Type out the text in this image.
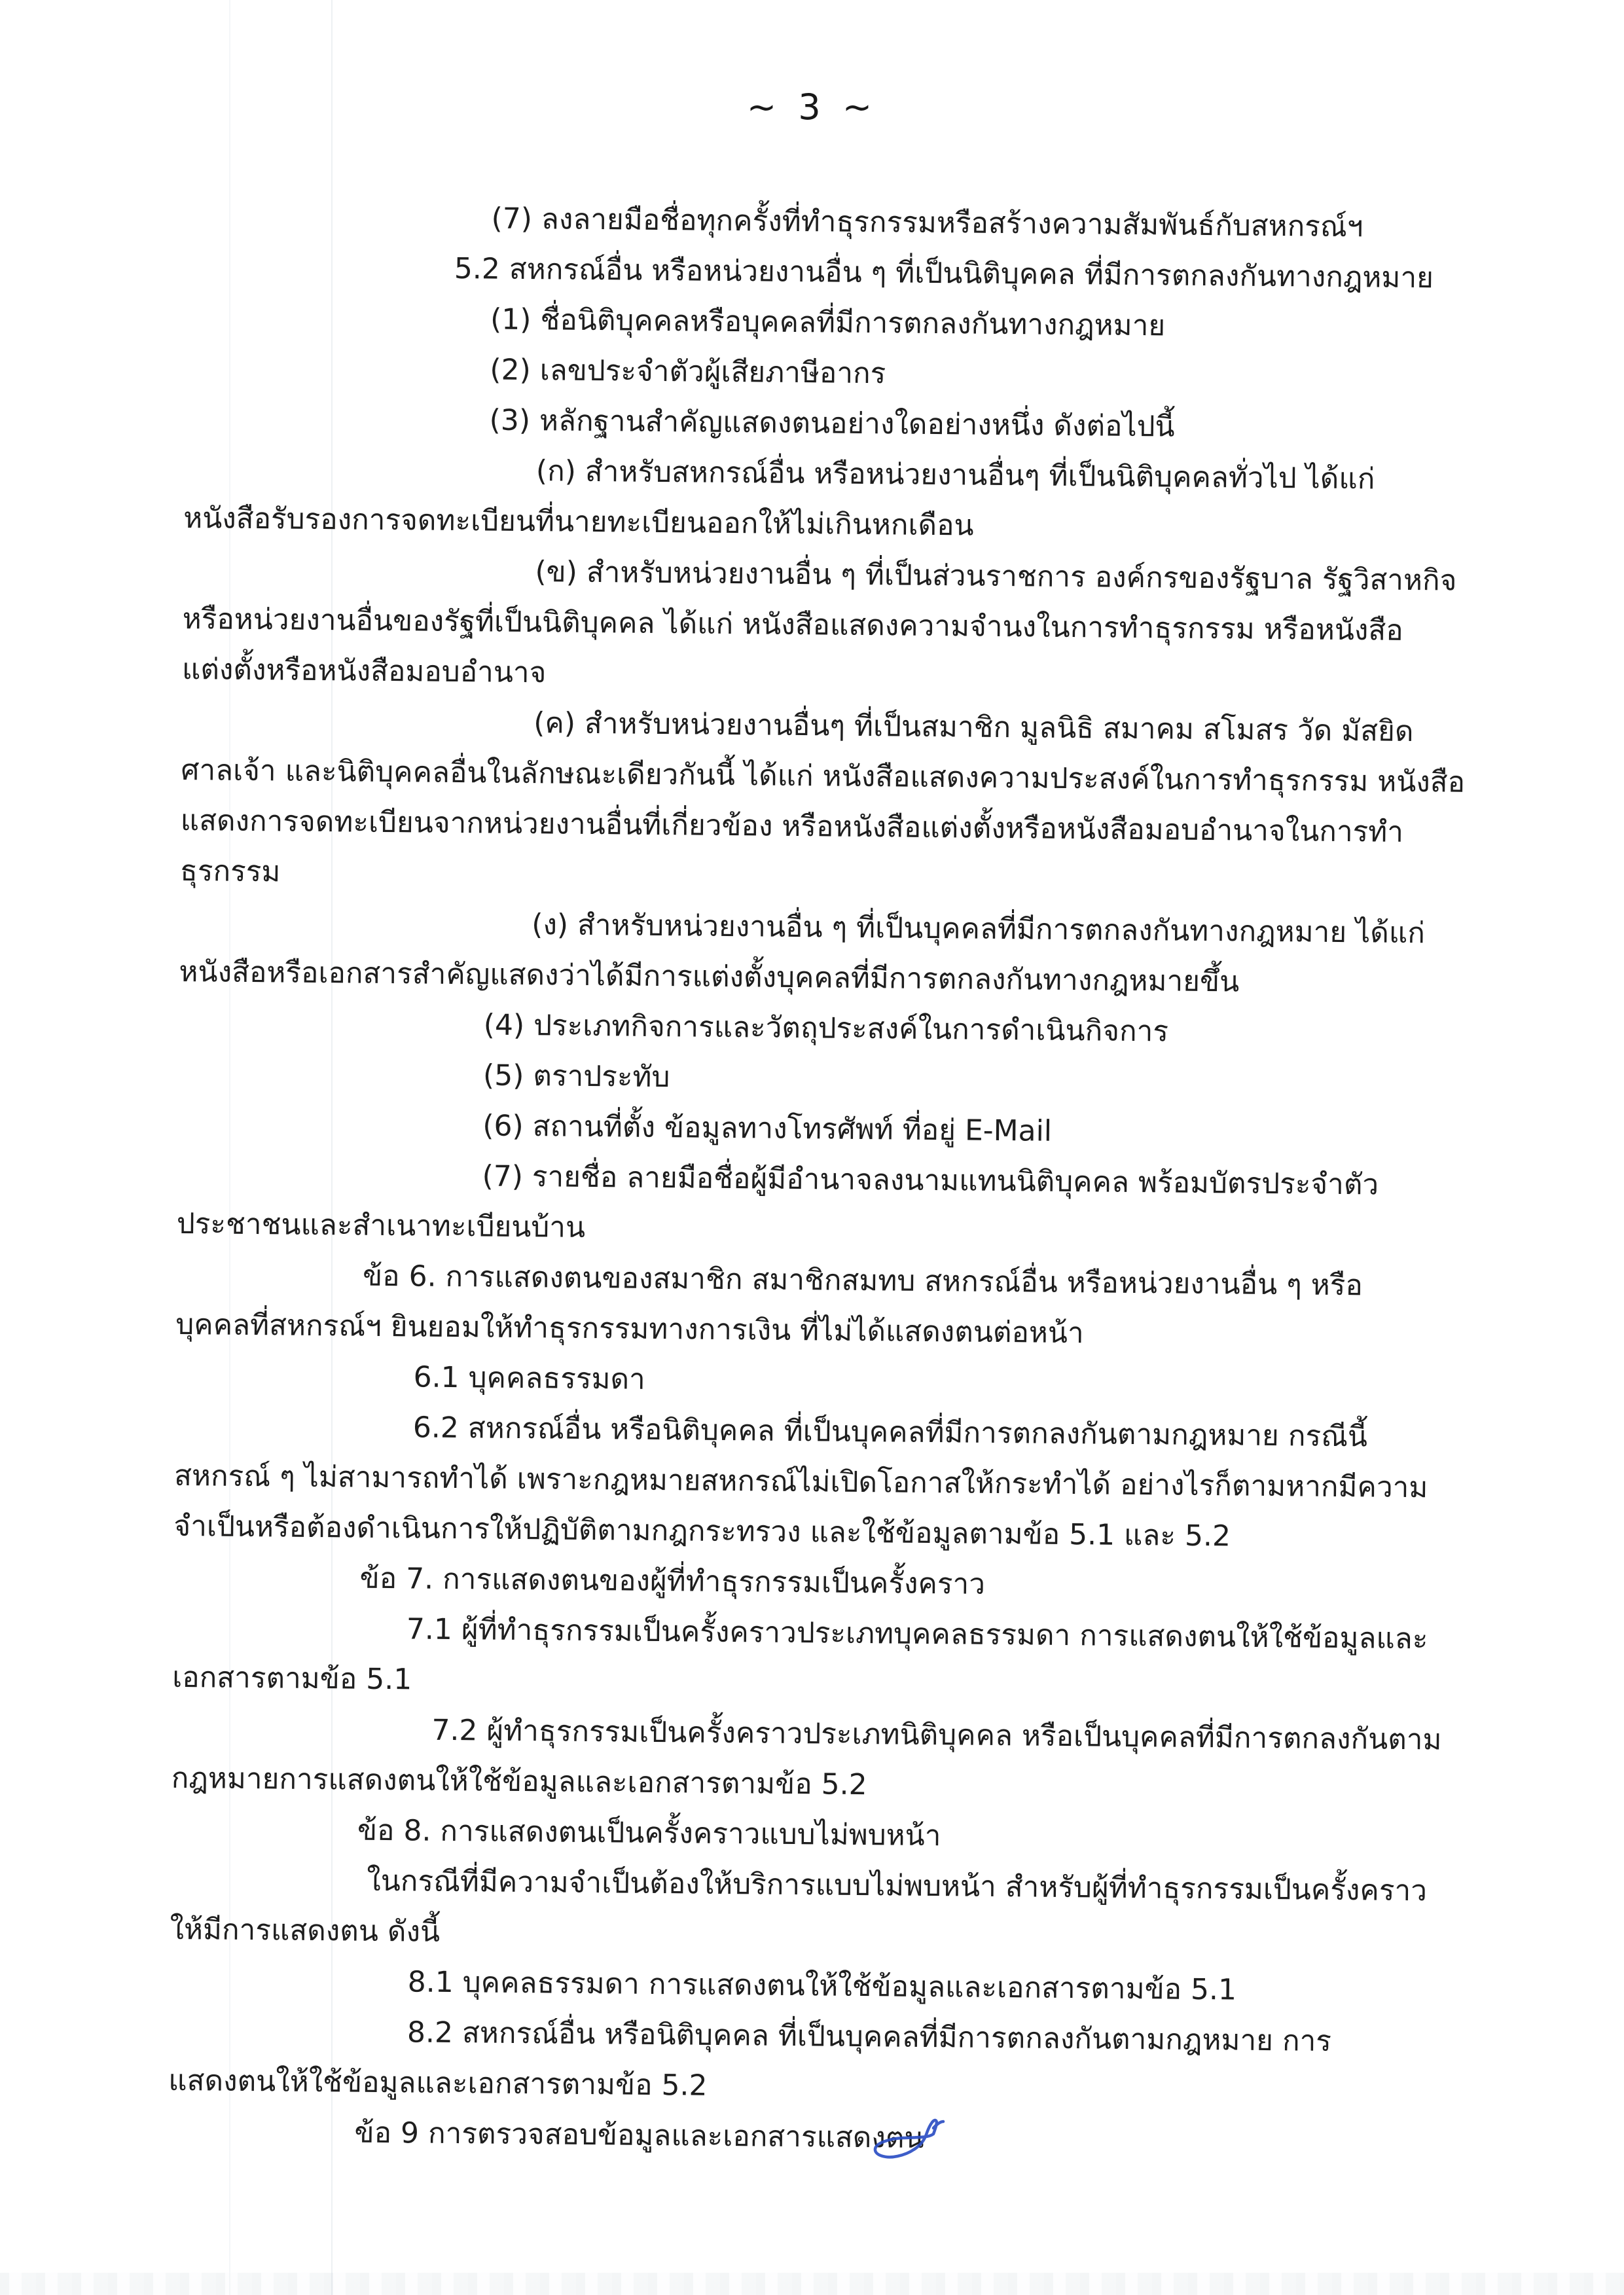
~ 3 ~
(7) ลงลายมือชื่อทุกครั้งที่ทำธุรกรรมหรือสร้างความสัมพันธ์กับสหกรณ์ฯ
5.2 สหกรณ์อื่น หรือหน่วยงานอื่น ๆ ที่เป็นนิติบุคคล ที่มีการตกลงกันทางกฎหมาย
(1) ชื่อนิติบุคคลหรือบุคคลที่มีการตกลงกันทางกฎหมาย
(2) เลขประจำตัวผู้เสียภาษีอากร
(3) หลักฐานสำคัญแสดงตนอย่างใดอย่างหนึ่ง ดังต่อไปนี้
(ก) สำหรับสหกรณ์อื่น หรือหน่วยงานอื่นๆ ที่เป็นนิติบุคคลทั่วไป ได้แก่
หนังสือรับรองการจดทะเบียนที่นายทะเบียนออกให้ไม่เกินหกเดือน
(ข) สำหรับหน่วยงานอื่น ๆ ที่เป็นส่วนราชการ องค์กรของรัฐบาล รัฐวิสาหกิจ
หรือหน่วยงานอื่นของรัฐที่เป็นนิติบุคคล ได้แก่ หนังสือแสดงความจำนงในการทำธุรกรรม หรือหนังสือ
แต่งตั้งหรือหนังสือมอบอำนาจ
(ค) สำหรับหน่วยงานอื่นๆ ที่เป็นสมาชิก มูลนิธิ สมาคม สโมสร วัด มัสยิด
ศาลเจ้า และนิติบุคคลอื่นในลักษณะเดียวกันนี้ ได้แก่ หนังสือแสดงความประสงค์ในการทำธุรกรรม หนังสือ
แสดงการจดทะเบียนจากหน่วยงานอื่นที่เกี่ยวข้อง หรือหนังสือแต่งตั้งหรือหนังสือมอบอำนาจในการทำ
ธุรกรรม
(ง) สำหรับหน่วยงานอื่น ๆ ที่เป็นบุคคลที่มีการตกลงกันทางกฎหมาย ได้แก่
หนังสือหรือเอกสารสำคัญแสดงว่าได้มีการแต่งตั้งบุคคลที่มีการตกลงกันทางกฎหมายขึ้น
(4) ประเภทกิจการและวัตถุประสงค์ในการดำเนินกิจการ
(5) ตราประทับ
(6) สถานที่ตั้ง ข้อมูลทางโทรศัพท์ ที่อยู่ E-Mail
(7) รายชื่อ ลายมือชื่อผู้มีอำนาจลงนามแทนนิติบุคคล พร้อมบัตรประจำตัว
ประชาชนและสำเนาทะเบียนบ้าน
ข้อ 6. การแสดงตนของสมาชิก สมาชิกสมทบ สหกรณ์อื่น หรือหน่วยงานอื่น ๆ หรือ
บุคคลที่สหกรณ์ฯ ยินยอมให้ทำธุรกรรมทางการเงิน ที่ไม่ได้แสดงตนต่อหน้า
6.1 บุคคลธรรมดา
6.2 สหกรณ์อื่น หรือนิติบุคคล ที่เป็นบุคคลที่มีการตกลงกันตามกฎหมาย กรณีนี้
สหกรณ์ ๆ ไม่สามารถทำได้ เพราะกฎหมายสหกรณ์ไม่เปิดโอกาสให้กระทำได้ อย่างไรก็ตามหากมีความ
จำเป็นหรือต้องดำเนินการให้ปฏิบัติตามกฎกระทรวง และใช้ข้อมูลตามข้อ 5.1 และ 5.2
ข้อ 7. การแสดงตนของผู้ที่ทำธุรกรรมเป็นครั้งคราว
7.1 ผู้ที่ทำธุรกรรมเป็นครั้งคราวประเภทบุคคลธรรมดา การแสดงตนให้ใช้ข้อมูลและ
เอกสารตามข้อ 5.1
7.2 ผู้ทำธุรกรรมเป็นครั้งคราวประเภทนิติบุคคล หรือเป็นบุคคลที่มีการตกลงกันตาม
กฎหมายการแสดงตนให้ใช้ข้อมูลและเอกสารตามข้อ 5.2
ข้อ 8. การแสดงตนเป็นครั้งคราวแบบไม่พบหน้า
ในกรณีที่มีความจำเป็นต้องให้บริการแบบไม่พบหน้า สำหรับผู้ที่ทำธุรกรรมเป็นครั้งคราว
ให้มีการแสดงตน ดังนี้
8.1 บุคคลธรรมดา การแสดงตนให้ใช้ข้อมูลและเอกสารตามข้อ 5.1
8.2 สหกรณ์อื่น หรือนิติบุคคล ที่เป็นบุคคลที่มีการตกลงกันตามกฎหมาย การ
แสดงตนให้ใช้ข้อมูลและเอกสารตามข้อ 5.2
ข้อ 9 การตรวจสอบข้อมูลและเอกสารแสดงตน
